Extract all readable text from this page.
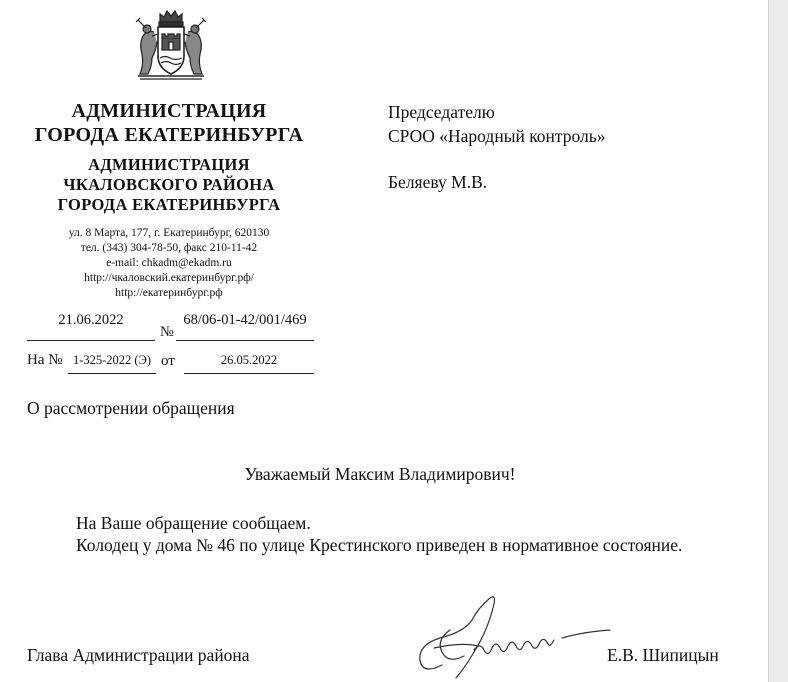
АДМИНИСТРАЦИЯ
ГОРОДА ЕКАТЕРИНБУРГА
АДМИНИСТРАЦИЯ
ЧКАЛОВСКОГО РАЙОНА
ГОРОДА ЕКАТЕРИНБУРГА
ул. 8 Марта, 177, г. Екатеринбург, 620130
тел. (343) 304-78-50, факс 210-11-42
e-mail: chkadm@ekadm.ru
http://чкаловский.екатеринбург.рф/
http://екатеринбург.рф
21.06.2022
№
68/06-01-42/001/469
На № 1-325-2022 (Э) от	26.05.2022
Председателю
СРОО «Народный контроль»
Беляеву М.В.
О рассмотрении обращения
Уважаемый Максим Владимирович!
На Ваше обращение сообщаем.
Колодец у дома № 46 по улице Крестинского приведен в нормативное состояние.
Глава Администрации района	Е.В. Шипицын
